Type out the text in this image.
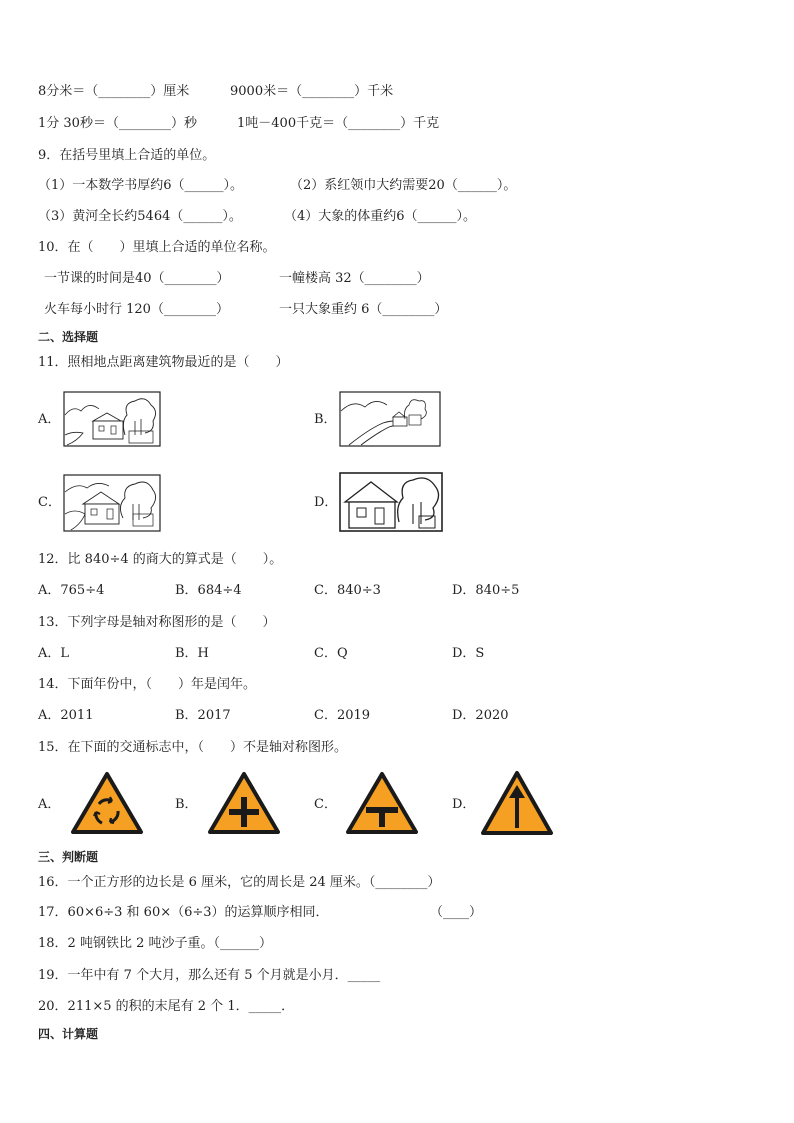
8分米＝（________）厘米	9000米＝（________）千米
1分 30秒＝（________）秒	1吨－400千克＝（________）千克
9．在括号里填上合适的单位。
（1）一本数学书厚约6（______）。	（2）系红领巾大约需要20（______）。
（3）黄河全长约5464（______）。	（4）大象的体重约6（______）。
10．在（　　）里填上合适的单位名称。
一节课的时间是40（________）	一幢楼高 32（________）
火车每小时行 120（________）	一只大象重约 6（________）
二、选择题
11．照相地点距离建筑物最近的是（　　）
A．	B．
C．	D．
12．比 840÷4 的商大的算式是（　　）。
A．765÷4	B．684÷4	C．840÷3	D．840÷5
13．下列字母是轴对称图形的是（　　）
A．L	B．H	C．Q	D．S
14．下面年份中，（　　）年是闰年。
A．2011	B．2017	C．2019	D．2020
15．在下面的交通标志中，（　　）不是轴对称图形。
A．	B．	C．	D．
三、判断题
16．一个正方形的边长是 6 厘米，它的周长是 24 厘米。（________）
17．60×6÷3 和 60×（6÷3）的运算顺序相同．	（____）
18．2 吨钢铁比 2 吨沙子重。（______）
19．一年中有 7 个大月，那么还有 5 个月就是小月．_____
20．211×5 的积的末尾有 2 个 1．_____．
四、计算题
